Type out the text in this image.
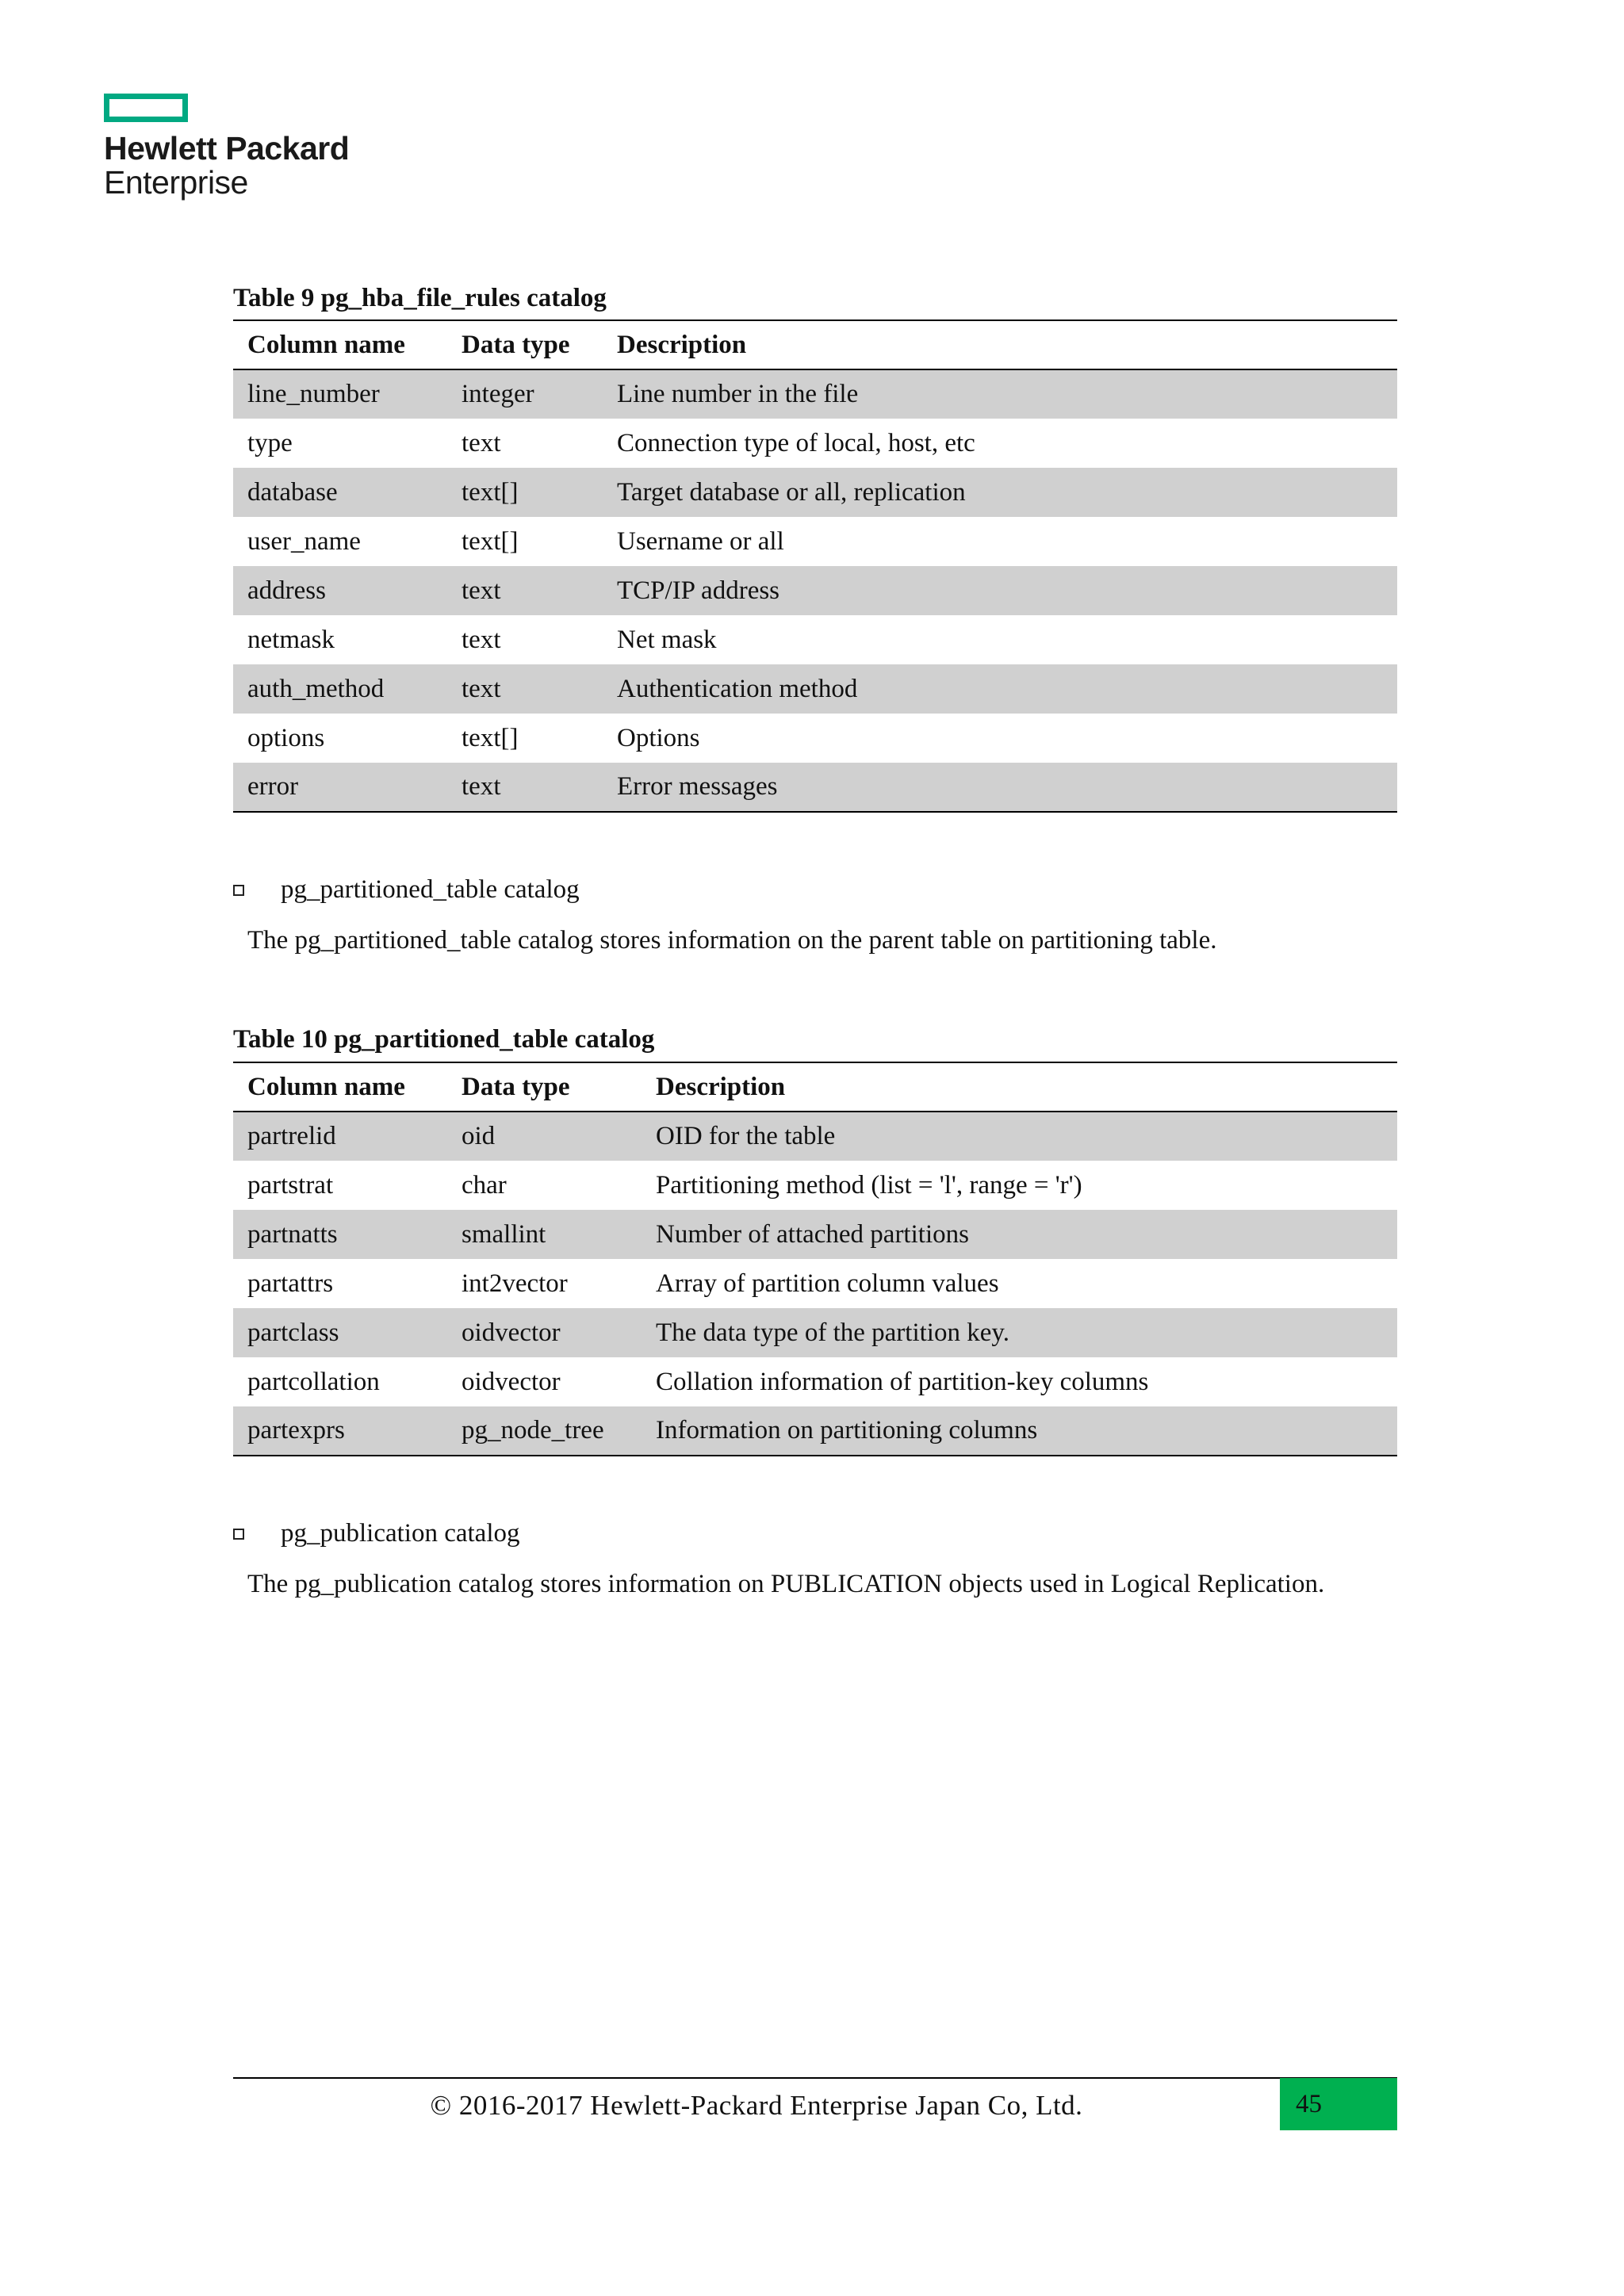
Hewlett Packard
Enterprise
Table 9 pg_hba_file_rules catalog
Column name	Data type	Description
line_number	integer	Line number in the file
type	text	Connection type of local, host, etc
database	text[]	Target database or all, replication
user_name	text[]	Username or all
address	text	TCP/IP address
netmask	text	Net mask
auth_method	text	Authentication method
options	text[]	Options
error	text	Error messages
pg_partitioned_table catalog
The pg_partitioned_table catalog stores information on the parent table on partitioning table.
Table 10 pg_partitioned_table catalog
Column name	Data type	Description
partrelid	oid	OID for the table
partstrat	char	Partitioning method (list = 'l', range = 'r')
partnatts	smallint	Number of attached partitions
partattrs	int2vector	Array of partition column values
partclass	oidvector	The data type of the partition key.
partcollation	oidvector	Collation information of partition-key columns
partexprs	pg_node_tree	Information on partitioning columns
pg_publication catalog
The pg_publication catalog stores information on PUBLICATION objects used in Logical Replication.
© 2016-2017 Hewlett-Packard Enterprise Japan Co, Ltd.	45
